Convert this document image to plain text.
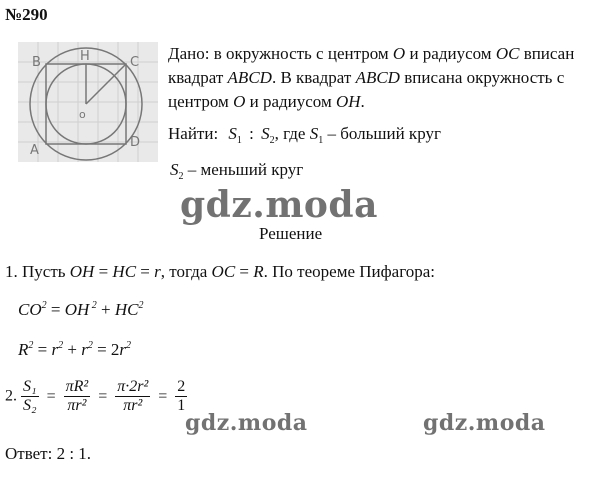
№290
B	H	C
o
A
D
Дано: в окружность с центром O и радиусом OC вписан
квадрат ABCD. В квадрат ABCD вписана окружность с
центром O и радиусом OH.
Найти: $S_1$ : $S_2$, где $S_1$ – больший круг
$S_2$ – меньший круг
gdz.moda
Решение
1. Пусть OH = HC = r, тогда OC = R. По теореме Пифагора:
$CO^2$ = OH $^2 + HC^2$
$R^2 = r^2 + r^2 = 2r^2$
2. $\frac{\text{S₁}}{\text{S₂}} = \frac{\text{πR²}}{\text{πr²}} = \frac{\text{π·2r²}}{\text{πr²}} = \frac{2}{1}$
gdz.moda	gdz.moda
Ответ: 2 : 1.
